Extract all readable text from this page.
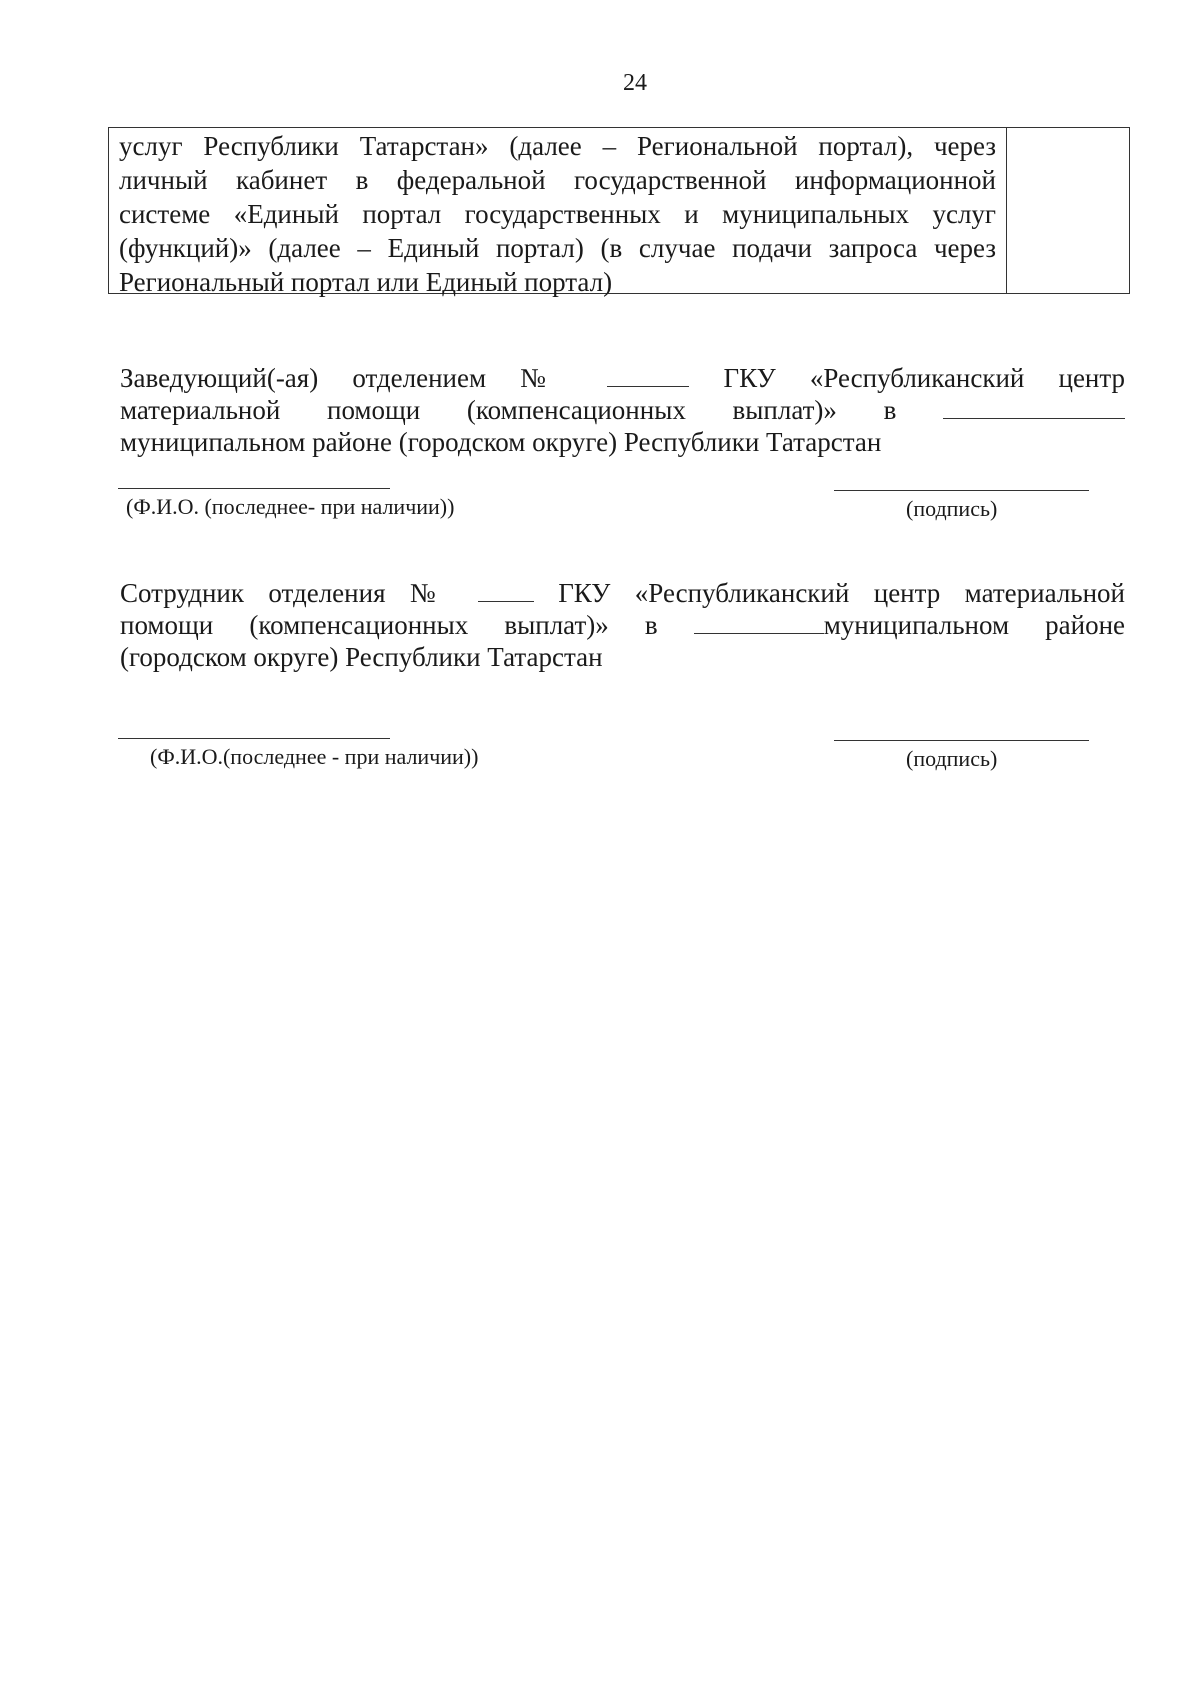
24
услуг Республики Татарстан» (далее – Региональной портал), через
личный кабинет в федеральной государственной информационной
системе «Единый портал государственных и муниципальных услуг
(функций)» (далее – Единый портал) (в случае подачи запроса через
Региональный портал или Единый портал)
Заведующий(-ая) отделением №	ГКУ «Республиканский центр
материальной помощи (компенсационных выплат)» в
муниципальном районе (городском округе) Республики Татарстан
(Ф.И.О. (последнее- при наличии))	(подпись)
Сотрудник отделения №	ГКУ «Республиканский центр материальной
помощи (компенсационных выплат)» в	муниципальном районе
(городском округе) Республики Татарстан
(Ф.И.О.(последнее - при наличии))	(подпись)
